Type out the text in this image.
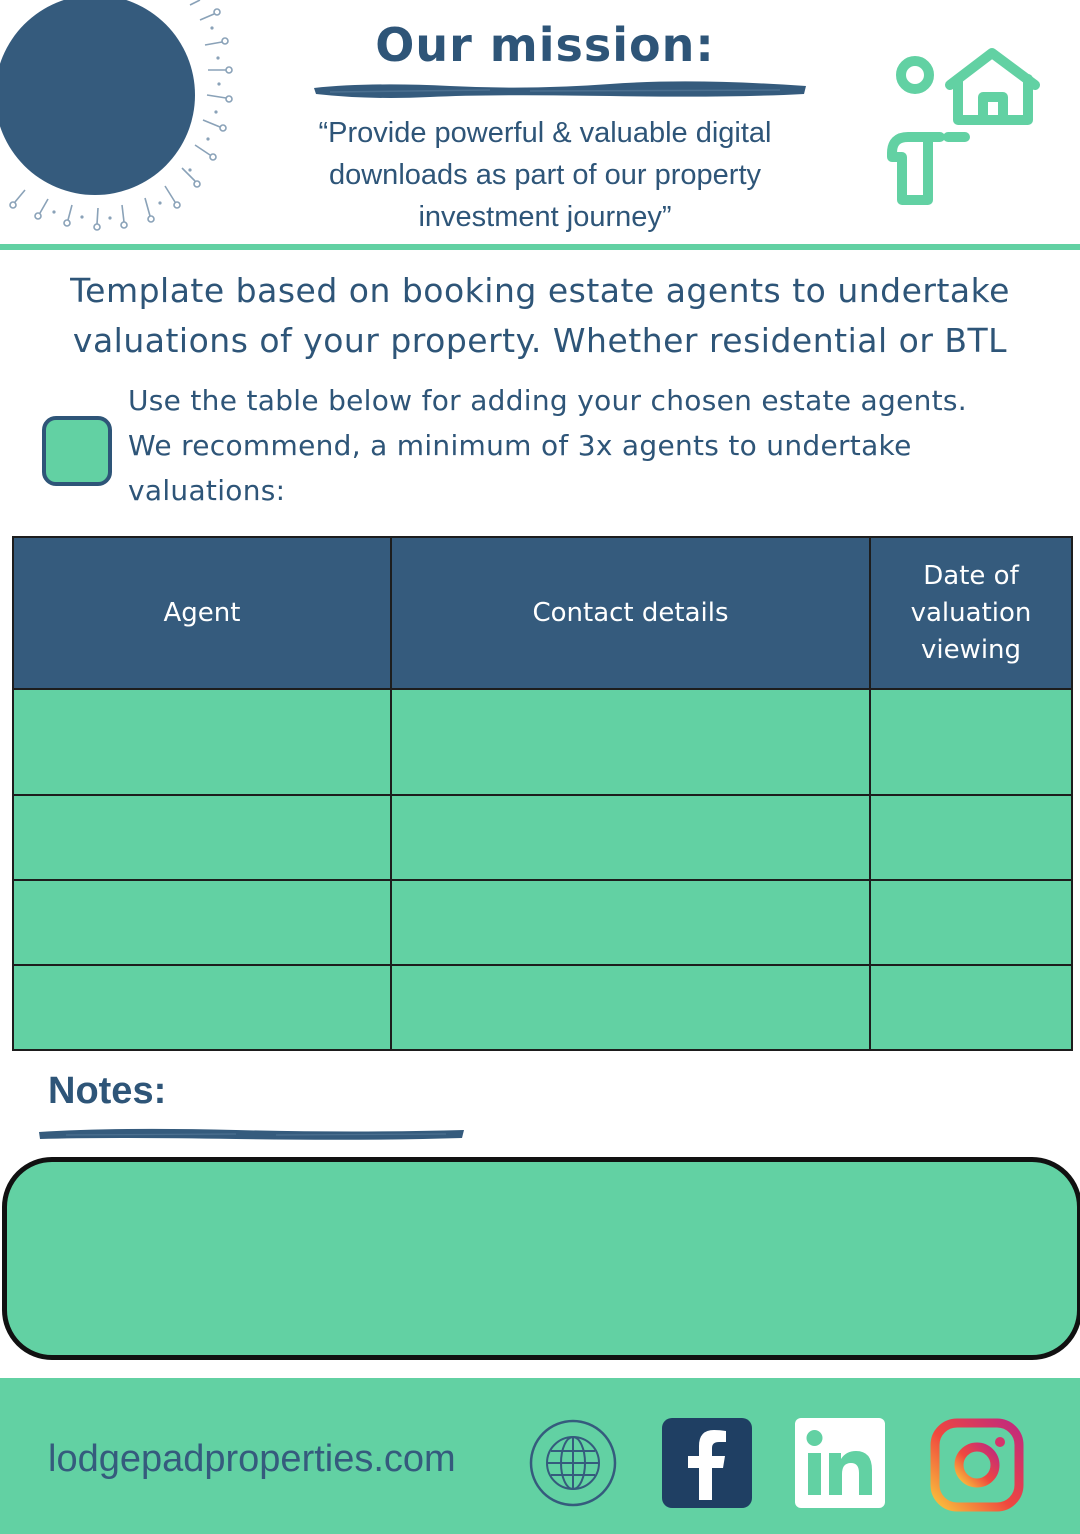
Our mission:
“Provide powerful & valuable digital
downloads as part of our property
investment journey”
Template based on booking estate agents to undertake
valuations of your property. Whether residential or BTL
Use the table below for adding your chosen estate agents.
We recommend, a minimum of 3x agents to undertake
valuations:
Agent	Contact details	Date of
valuation
viewing

Notes:
lodgepadproperties.com
